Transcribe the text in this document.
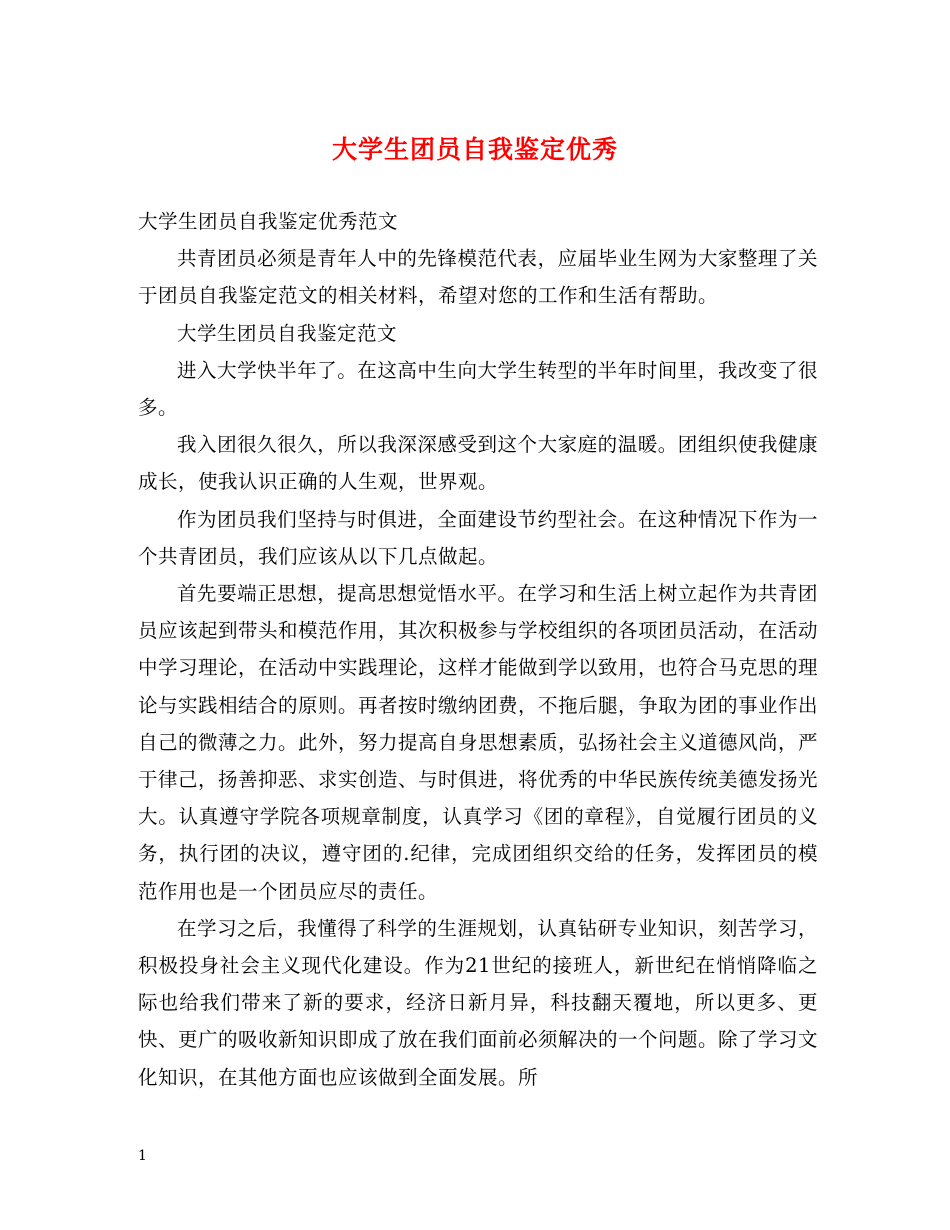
大学生团员自我鉴定优秀

大学生团员自我鉴定优秀范文

共青团员必须是青年人中的先锋模范代表，应届毕业生网为大家整理了关于团员自我鉴定范文的相关材料，希望对您的工作和生活有帮助。

大学生团员自我鉴定范文

进入大学快半年了。在这高中生向大学生转型的半年时间里，我改变了很多。

我入团很久很久，所以我深深感受到这个大家庭的温暖。团组织使我健康成长，使我认识正确的人生观，世界观。

作为团员我们坚持与时俱进，全面建设节约型社会。在这种情况下作为一个共青团员，我们应该从以下几点做起。

首先要端正思想，提高思想觉悟水平。在学习和生活上树立起作为共青团员应该起到带头和模范作用，其次积极参与学校组织的各项团员活动，在活动中学习理论，在活动中实践理论，这样才能做到学以致用，也符合马克思的理论与实践相结合的原则。再者按时缴纳团费，不拖后腿，争取为团的事业作出自己的微薄之力。此外，努力提高自身思想素质，弘扬社会主义道德风尚，严于律己，扬善抑恶、求实创造、与时俱进，将优秀的中华民族传统美德发扬光大。认真遵守学院各项规章制度，认真学习《团的章程》，自觉履行团员的义务，执行团的决议，遵守团的.纪律，完成团组织交给的任务，发挥团员的模范作用也是一个团员应尽的责任。

在学习之后，我懂得了科学的生涯规划，认真钻研专业知识，刻苦学习，积极投身社会主义现代化建设。作为21世纪的接班人，新世纪在悄悄降临之际也给我们带来了新的要求，经济日新月异，科技翻天覆地，所以更多、更快、更广的吸收新知识即成了放在我们面前必须解决的一个问题。除了学习文化知识，在其他方面也应该做到全面发展。所

1
